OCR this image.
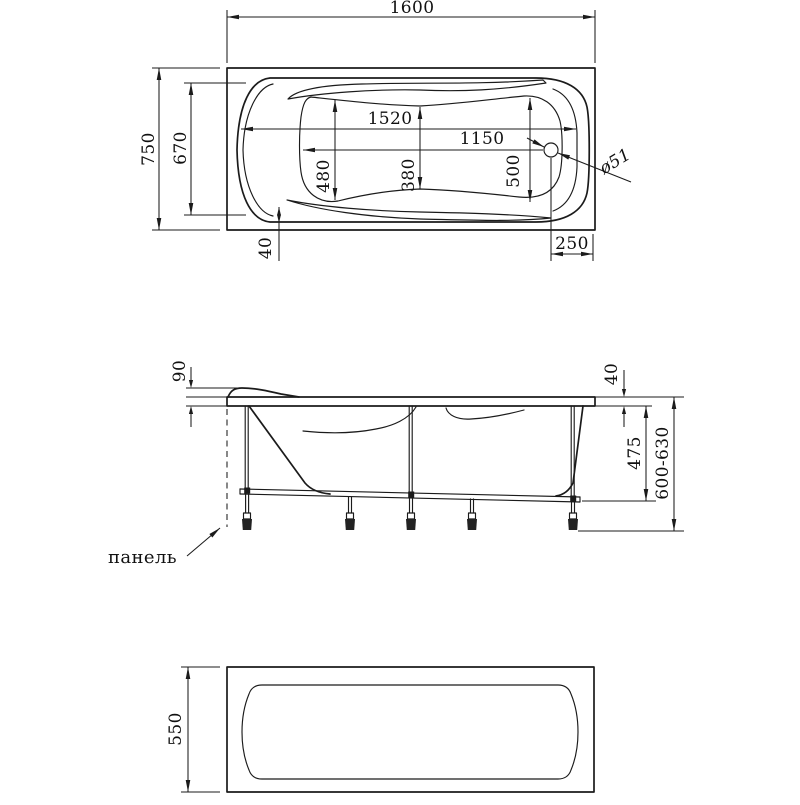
1600
750 670
1520
1150
480	380	500
40	250
ø51
90	40
475 600-630
панель
550
